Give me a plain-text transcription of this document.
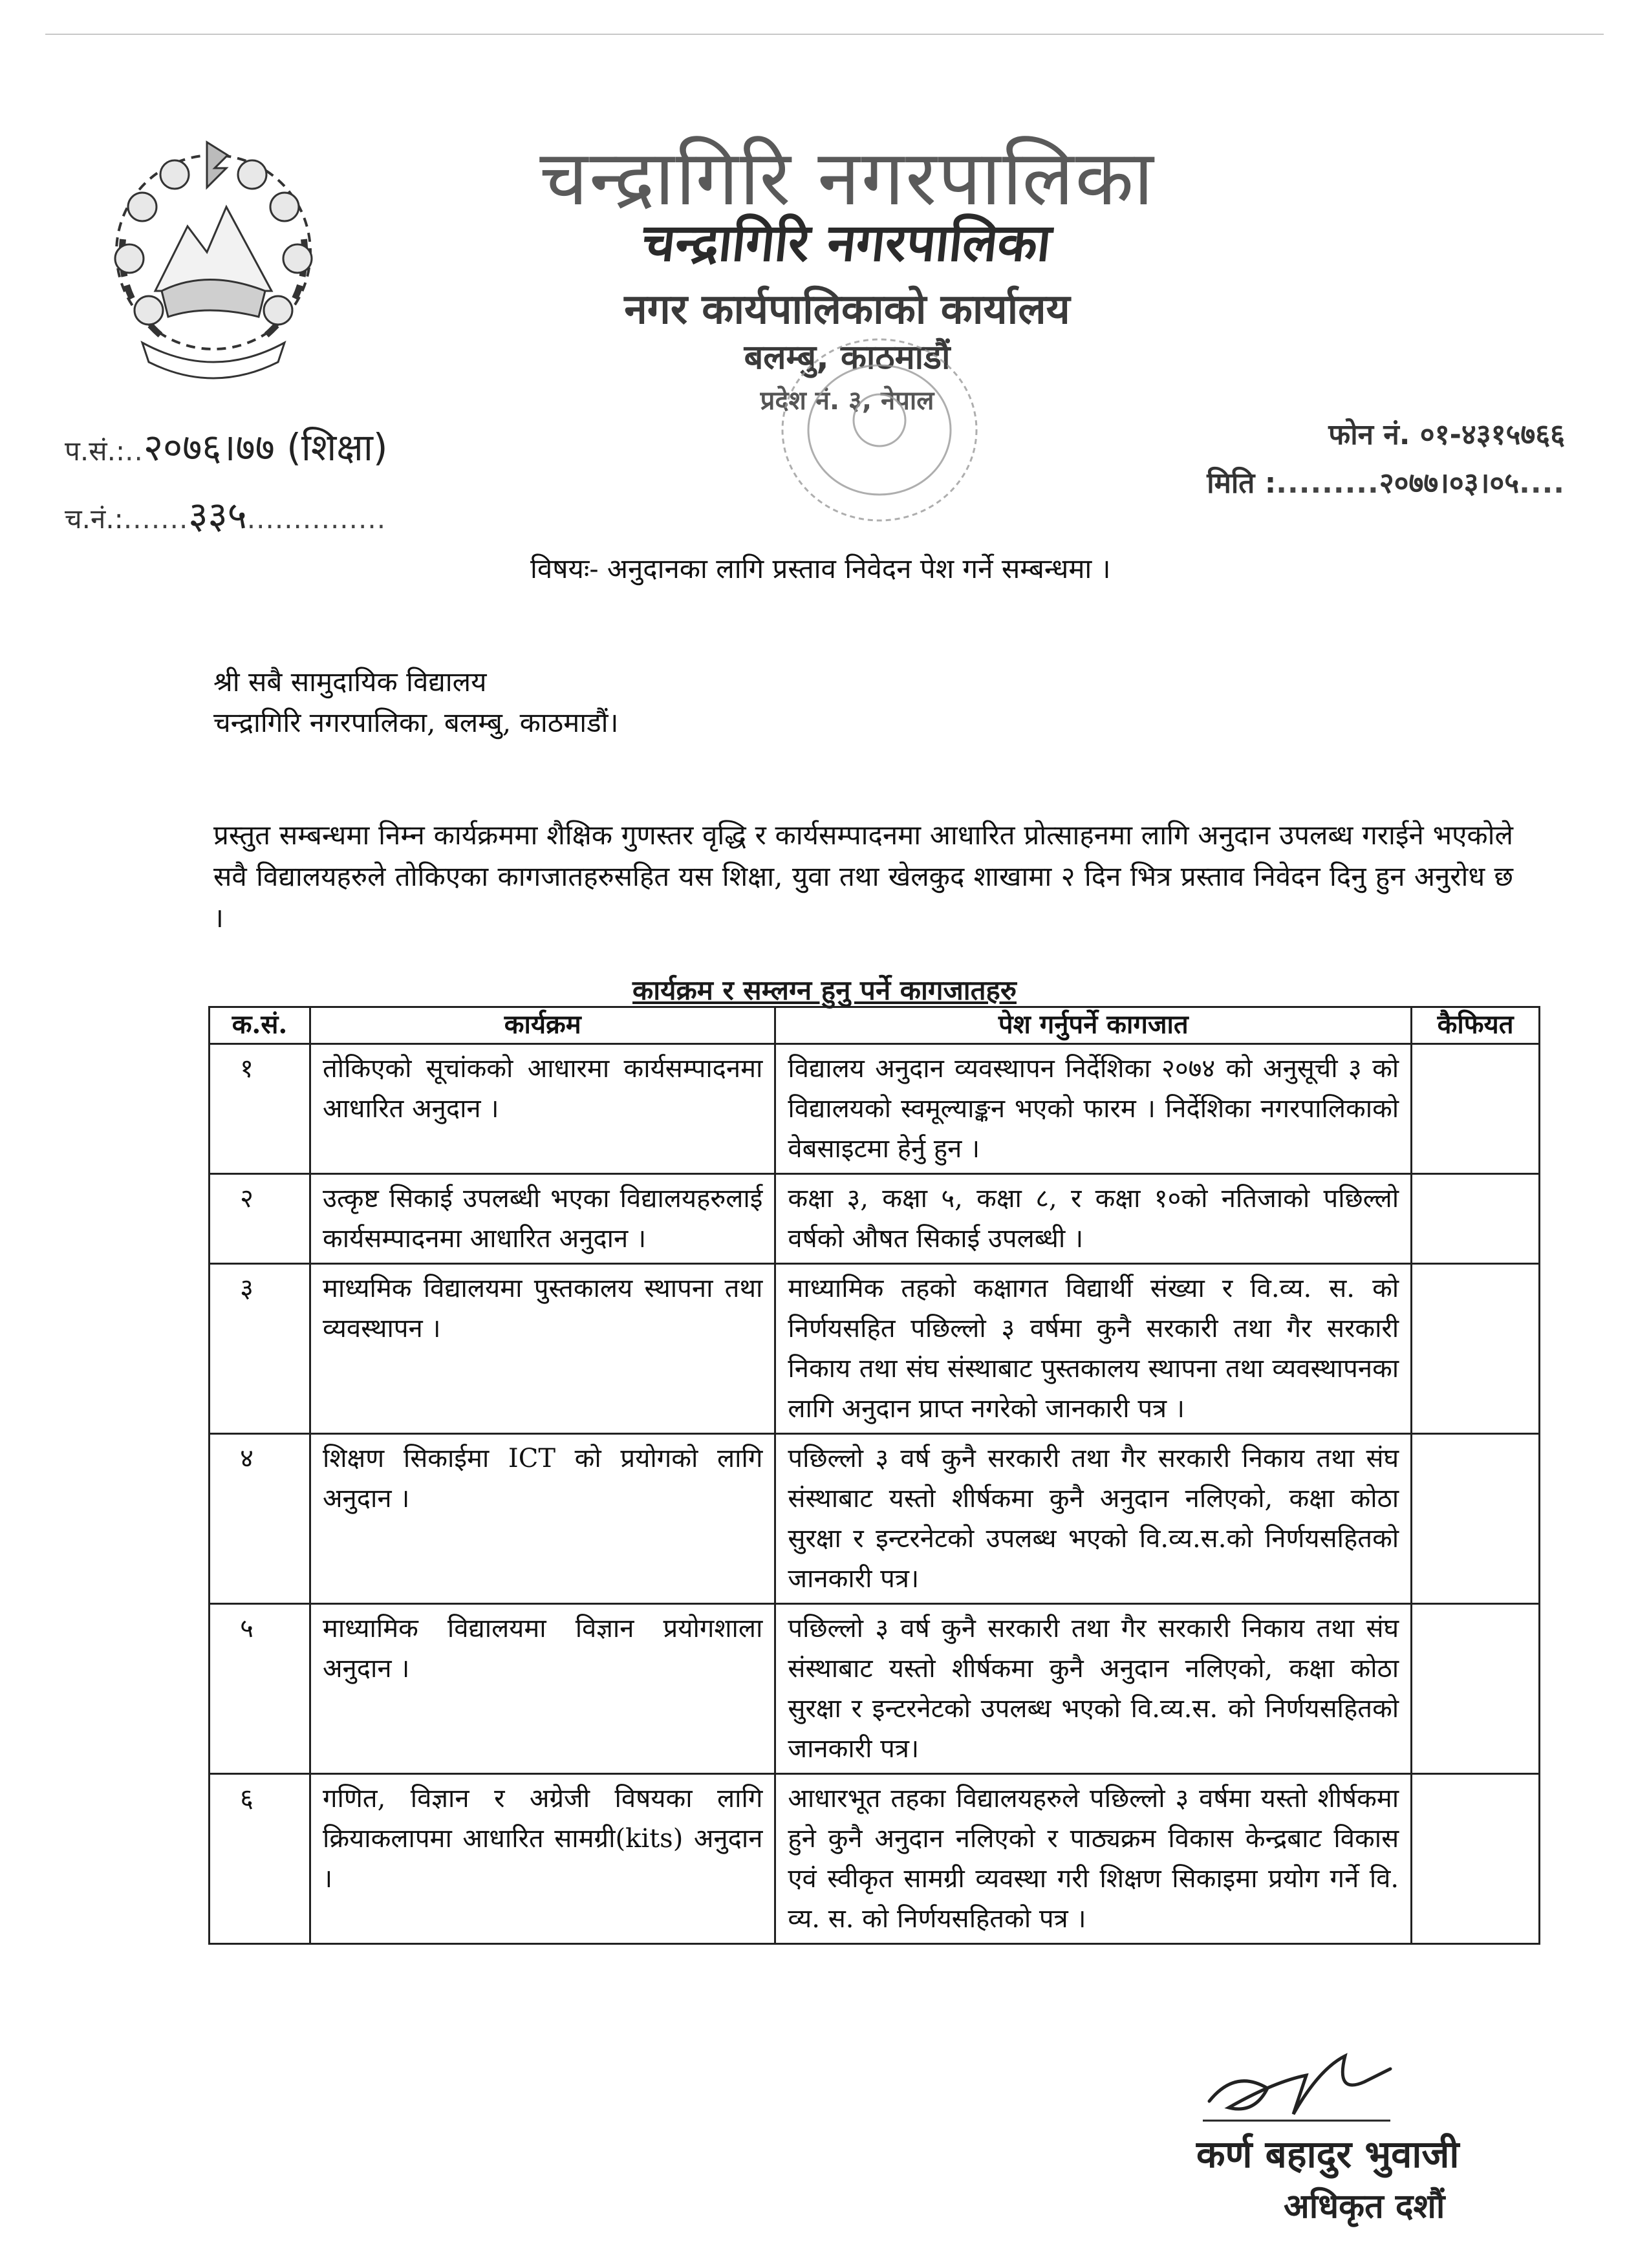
चन्द्रागिरि नगरपालिका
चन्द्रागिरि नगरपालिका
नगर कार्यपालिकाको कार्यालय
बलम्बु, काठमाडौं
प्रदेश नं. ३, नेपाल
प.सं.:..२०७६।७७ (शिक्षा)
च.नं.:.......३३५...............
फोन नं. ०१-४३१५७६६
मिति :.........२०७७।०३।०५....
विषयः- अनुदानका लागि प्रस्ताव निवेदन पेश गर्ने सम्बन्धमा ।
श्री सबै सामुदायिक विद्यालय
चन्द्रागिरि नगरपालिका, बलम्बु, काठमाडौं।
प्रस्तुत सम्बन्धमा निम्न कार्यक्रममा शैक्षिक गुणस्तर वृद्धि र कार्यसम्पादनमा आधारित प्रोत्साहनमा लागि अनुदान उपलब्ध गराईने भएकोले सवै विद्यालयहरुले तोकिएका कागजातहरुसहित यस शिक्षा, युवा तथा खेलकुद शाखामा २ दिन भित्र प्रस्ताव निवेदन दिनु हुन अनुरोध छ ।
कार्यक्रम र सम्लग्न हुनु पर्ने कागजातहरु
क.सं.	कार्यक्रम	पेश गर्नुपर्ने कागजात	कैफियत
१	तोकिएको सूचांकको आधारमा कार्यसम्पादनमा आधारित अनुदान ।	विद्यालय अनुदान व्यवस्थापन निर्देशिका २०७४ को अनुसूची ३ को विद्यालयको स्वमूल्याङ्कन भएको फारम । निर्देशिका नगरपालिकाको वेबसाइटमा हेर्नु हुन ।	
२	उत्कृष्ट सिकाई उपलब्धी भएका विद्यालयहरुलाई कार्यसम्पादनमा आधारित अनुदान ।	कक्षा ३, कक्षा ५, कक्षा ८, र कक्षा १०को नतिजाको पछिल्लो वर्षको औषत सिकाई उपलब्धी ।	
३	माध्यमिक विद्यालयमा पुस्तकालय स्थापना तथा व्यवस्थापन ।	माध्यामिक तहको कक्षागत विद्यार्थी संख्या र वि.व्य. स. को निर्णयसहित पछिल्लो ३ वर्षमा कुनै सरकारी तथा गैर सरकारी निकाय तथा संघ संस्थाबाट पुस्तकालय स्थापना तथा व्यवस्थापनका लागि अनुदान प्राप्त नगरेको जानकारी पत्र ।	
४	शिक्षण सिकाईमा ICT को प्रयोगको लागि अनुदान ।	पछिल्लो ३ वर्ष कुनै सरकारी तथा गैर सरकारी निकाय तथा संघ संस्थाबाट यस्तो शीर्षकमा कुनै अनुदान नलिएको, कक्षा कोठा सुरक्षा र इन्टरनेटको उपलब्ध भएको वि.व्य.स.को निर्णयसहितको जानकारी पत्र।	
५	माध्यामिक विद्यालयमा विज्ञान प्रयोगशाला अनुदान ।	पछिल्लो ३ वर्ष कुनै सरकारी तथा गैर सरकारी निकाय तथा संघ संस्थाबाट यस्तो शीर्षकमा कुनै अनुदान नलिएको, कक्षा कोठा सुरक्षा र इन्टरनेटको उपलब्ध भएको वि.व्य.स. को निर्णयसहितको जानकारी पत्र।	
६	गणित, विज्ञान र अग्रेजी विषयका लागि क्रियाकलापमा आधारित सामग्री(kits) अनुदान ।	आधारभूत तहका विद्यालयहरुले पछिल्लो ३ वर्षमा यस्तो शीर्षकमा हुने कुनै अनुदान नलिएको र पाठ्यक्रम विकास केन्द्रबाट विकास एवं स्वीकृत सामग्री व्यवस्था गरी शिक्षण सिकाइमा प्रयोग गर्ने वि. व्य. स. को निर्णयसहितको पत्र ।	
कर्ण बहादुर भुवाजी
अधिकृत दशौं
